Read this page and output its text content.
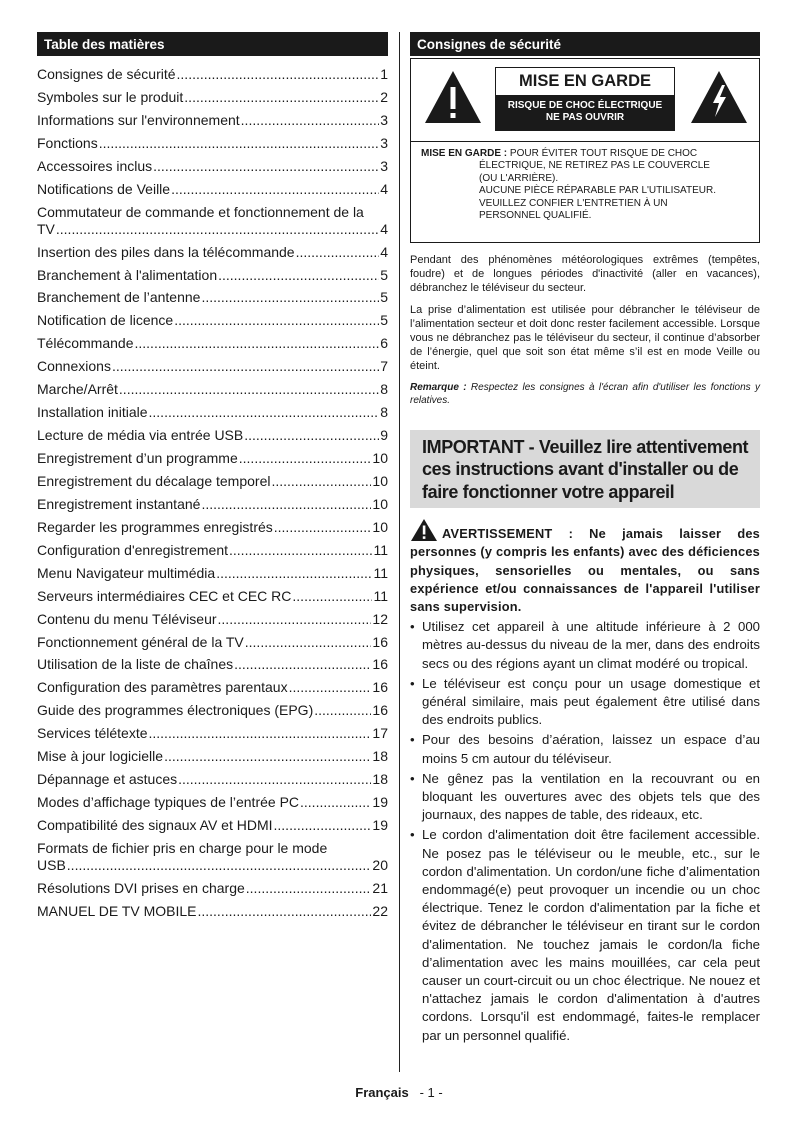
Table des matières
Consignes de sécurité .....	1
Symboles sur le produit .....	2
Informations sur l'environnement .....	3
Fonctions .....	3
Accessoires inclus .....	3
Notifications de Veille .....	4
Commutateur de commande et fonctionnement de la
TV .....	4
Insertion des piles dans la télécommande .....	4
Branchement à l'alimentation .....	5
Branchement de l’antenne .....	5
Notification de licence .....	5
Télécommande .....	6
Connexions .....	7
Marche/Arrêt .....	8
Installation initiale .....	8
Lecture de média via entrée USB .....	9
Enregistrement d’un programme .....	10
Enregistrement du décalage temporel .....	10
Enregistrement instantané .....	10
Regarder les programmes enregistrés .....	10
Configuration d'enregistrement .....	11
Menu Navigateur multimédia .....	11
Serveurs intermédiaires CEC et CEC RC .....	11
Contenu du menu Téléviseur .....	12
Fonctionnement général de la TV .....	16
Utilisation de la liste de chaînes .....	16
Configuration des paramètres parentaux .....	16
Guide des programmes électroniques (EPG) .....	16
Services télétexte .....	17
Mise à jour logicielle .....	18
Dépannage et astuces .....	18
Modes d’affichage typiques de l’entrée PC .....	19
Compatibilité des signaux AV et HDMI .....	19
Formats de fichier pris en charge pour le mode
USB .....	20
Résolutions DVI prises en charge .....	21
MANUEL DE TV MOBILE .....	22
Consignes de sécurité
MISE EN GARDE
RISQUE DE CHOC ÉLECTRIQUE
NE PAS OUVRIR
MISE EN GARDE : POUR ÉVITER TOUT RISQUE DE CHOC
ÉLECTRIQUE, NE RETIREZ PAS LE COUVERCLE
(OU L'ARRIÈRE).
AUCUNE PIÈCE RÉPARABLE PAR L'UTILISATEUR.
VEUILLEZ CONFIER L'ENTRETIEN À UN
PERSONNEL QUALIFIÉ.
Pendant des phénomènes météorologiques extrêmes (tempêtes, foudre) et de longues périodes d'inactivité (aller en vacances), débranchez le téléviseur du secteur.
La prise d’alimentation est utilisée pour débrancher le téléviseur de l’alimentation secteur et doit donc rester facilement accessible. Lorsque vous ne débranchez pas le téléviseur du secteur, il continue d’absorber de l’énergie, quel que soit son état même s’il est en mode Veille ou éteint.
Remarque : Respectez les consignes à l'écran afin d'utiliser les fonctions y relatives.
IMPORTANT - Veuillez lire attentivement ces instructions avant d'installer ou de faire fonctionner votre appareil
AVERTISSEMENT : Ne jamais laisser des personnes (y compris les enfants) avec des déficiences physiques, sensorielles ou mentales, ou sans expérience et/ou connaissances de l'appareil l'utiliser sans supervision.
• Utilisez cet appareil à une altitude inférieure à 2 000 mètres au-dessus du niveau de la mer, dans des endroits secs ou des régions ayant un climat modéré ou tropical.
• Le téléviseur est conçu pour un usage domestique et général similaire, mais peut également être utilisé dans des endroits publics.
• Pour des besoins d’aération, laissez un espace d’au moins 5 cm autour du téléviseur.
• Ne gênez pas la ventilation en la recouvrant ou en bloquant les ouvertures avec des objets tels que des journaux, des nappes de table, des rideaux, etc.
• Le cordon d'alimentation doit être facilement accessible. Ne posez pas le téléviseur ou le meuble, etc., sur le cordon d'alimentation. Un cordon/une fiche d’alimentation endommagé(e) peut provoquer un incendie ou un choc électrique. Tenez le cordon d'alimentation par la fiche et évitez de débrancher le téléviseur en tirant sur le cordon d'alimentation. Ne touchez jamais le cordon/la fiche d’alimentation avec les mains mouillées, car cela peut causer un court-circuit ou un choc électrique. Ne nouez et n'attachez jamais le cordon d'alimentation à d'autres cordons. Lorsqu'il est endommagé, faites-le remplacer par un personnel qualifié.
Français - 1 -
